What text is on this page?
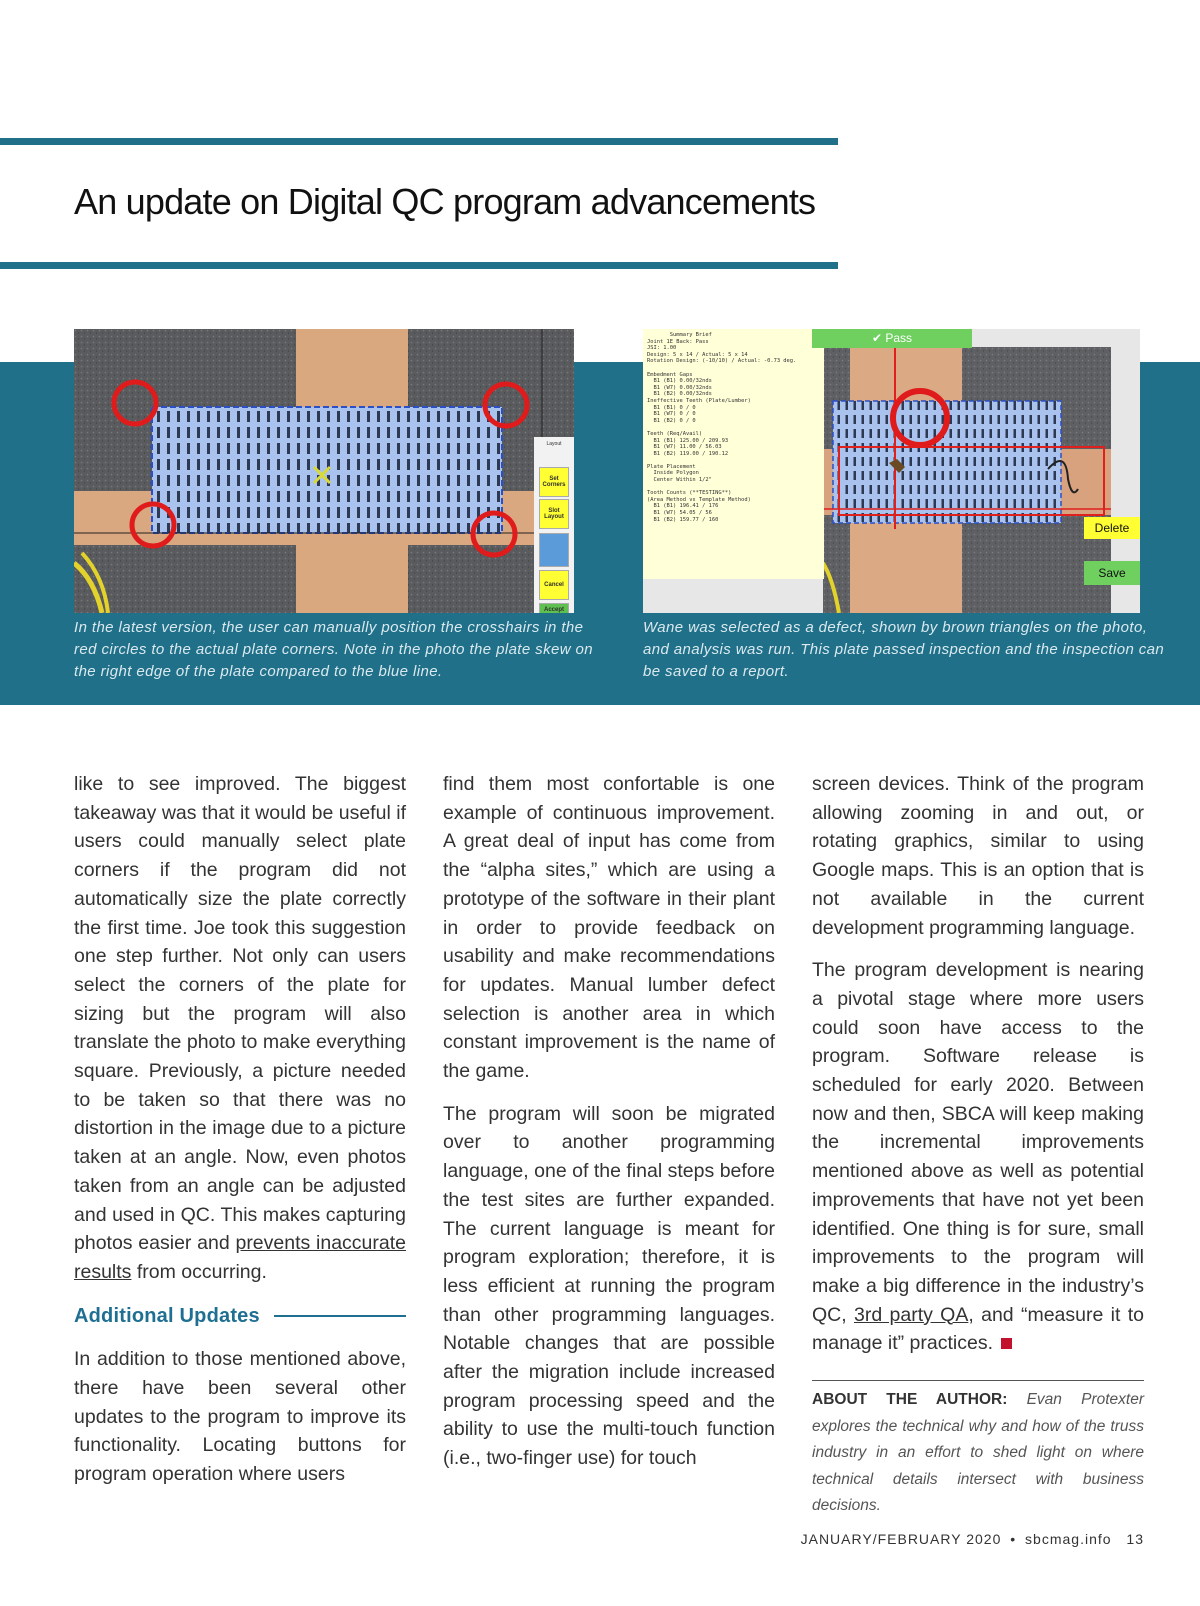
An update on Digital QC program advancements
Layout
Set Corners
Slot Layout
Cancel
Accept
In the latest version, the user can manually position the crosshairs in the red circles to the actual plate corners. Note in the photo the plate skew on the right edge of the plate compared to the blue line.
Summary Brief
Joint 1E Back: Pass
JSI: 1.00
Design: 5 x 14 / Actual: 5 x 14
Rotation Design: (-10/10) / Actual: -0.73 deg.

Embedment Gaps
B1 (B1) 0.00/32nds
B1 (W7) 0.00/32nds
B1 (B2) 0.00/32nds
Ineffective Teeth (Plate/Lumber)
B1 (B1) 0 / 0
B1 (W7) 0 / 0
B1 (B2) 0 / 0

Teeth (Req/Avail)
B1 (B1) 125.00 / 209.93
B1 (W7) 11.00 / 56.03
B1 (B2) 119.00 / 190.12

Plate Placement
Inside Polygon
Center Within 1/2"

Tooth Counts (**TESTING**)
(Area Method vs Template Method)
B1 (B1) 196.41 / 176
B1 (W7) 54.05 / 56
B1 (B2) 159.77 / 160
✔ Pass
Delete
Save
Wane was selected as a defect, shown by brown triangles on the photo, and analysis was run. This plate passed inspection and the inspection can be saved to a report.

like to see improved. The biggest takeaway was that it would be useful if users could manually select plate corners if the program did not automatically size the plate correctly the first time. Joe took this suggestion one step further. Not only can users select the corners of the plate for sizing but the program will also translate the photo to make everything square. Previously, a picture needed to be taken so that there was no distortion in the image due to a picture taken at an angle. Now, even photos taken from an angle can be adjusted and used in QC. This makes capturing photos easier and prevents inaccurate results from occurring.

Additional Updates

In addition to those mentioned above, there have been several other updates to the program to improve its functionality. Locating buttons for program operation where users

find them most confortable is one example of continuous improvement. A great deal of input has come from the “alpha sites,” which are using a prototype of the software in their plant in order to provide feedback on usability and make recommendations for updates. Manual lumber defect selection is another area in which constant improvement is the name of the game.

The program will soon be migrated over to another programming language, one of the final steps before the test sites are further expanded. The current language is meant for program exploration; therefore, it is less efficient at running the program than other programming languages. Notable changes that are possible after the migration include increased program processing speed and the ability to use the multi-touch function (i.e., two-finger use) for touch

screen devices. Think of the program allowing zooming in and out, or rotating graphics, similar to using Google maps. This is an option that is not available in the current development programming language.

The program development is nearing a pivotal stage where more users could soon have access to the program. Software release is scheduled for early 2020. Between now and then, SBCA will keep making the incremental improvements mentioned above as well as potential improvements that have not yet been identified. One thing is for sure, small improvements to the program will make a big difference in the industry’s QC, 3rd party QA, and “measure it to manage it” practices.

ABOUT THE AUTHOR: Evan Protexter explores the technical why and how of the truss industry in an effort to shed light on where technical details intersect with business decisions.
JANUARY/FEBRUARY 2020 • sbcmag.info 13
